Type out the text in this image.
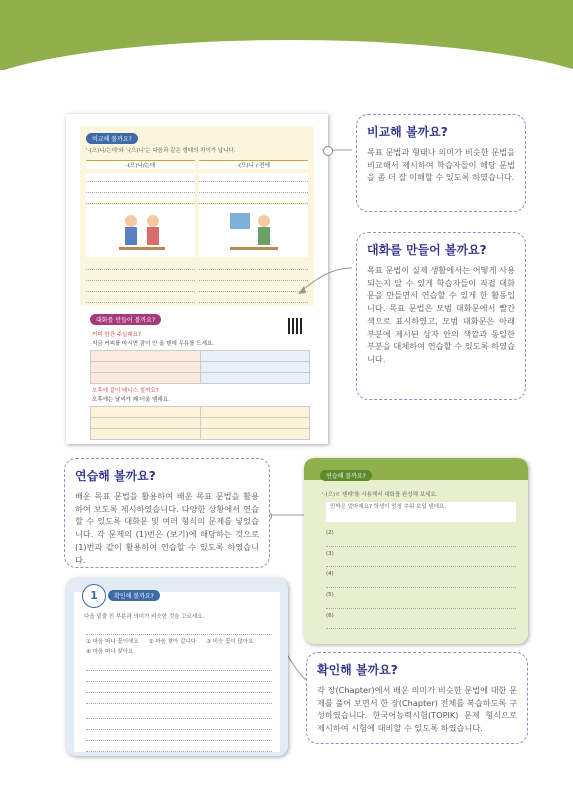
비교해 볼까요?
'-(으)니/는데'와 '-(으)니'는 다음과 같은 형태의 차이가 납니다.
-(으)니/는데	-(으)니 / 전에
대화를 만들어 볼까요?
커피 한잔 주실래요?
지금 커피를 마시면 잠이 안 올 텐데 우유를 드세요.

오후에 같이 테니스 칠까요?
오후에는 날씨가 꽤 더울 텐데요.

비교해 볼까요?

목표 문법과 형태나 의미가 비슷한 문법을 비교해서 제시하여 학습자들이 해당 문법을 좀 더 잘 이해할 수 있도록 하였습니다.

대화를 만들어 볼까요?

목표 문법이 실제 생활에서는 어떻게 사용되는지 알 수 있게 학습자들이 직접 대화문을 만들면서 연습할 수 있게 한 활동입니다. 목표 문법은 모범 대화문에서 빨간색으로 표시하였고, 모범 대화문은 아래 부분에 제시된 상자 안의 색깔과 동일한 부분을 대체하여 연습할 수 있도록 하였습니다.

연습해 볼까요?

배운 목표 문법을 활용하여 배운 목표 문법을 활용하여 보도록 제시하였습니다. 다양한 상황에서 연습할 수 있도록 대화문 및 여러 형식의 문제를 넣었습니다. 각 문제의 (1)번은 (보기)에 해당하는 것으로 (1)번과 같이 활용하여 연습할 수 있도록 하였습니다.

연습해 볼까요?
'-(으)ㄹ 텐데'를 사용해서 대화를 완성해 보세요.
민박은 얼마예요? 학생이 엄청 추워 보일 텐데요.
(2)
(3)
(4)
(5)
(6)
1	확인해 볼까요?
다음 밑줄 친 부분과 의미가 비슷한 것을 고르세요.
① 마음 떠나 꽃이에요 ② 마음 찾아 갑니다 ③ 비슷 꽃이 많아요
④ 마음 떠나 찾아요
확인해 볼까요?

각 장(Chapter)에서 배운 의미가 비슷한 문법에 대한 문제를 풀어 보면서 한 장(Chapter) 전체를 복습하도록 구성하였습니다. 한국어능력시험(TOPIK) 문제 형식으로 제시하여 시험에 대비할 수 있도록 하였습니다.
